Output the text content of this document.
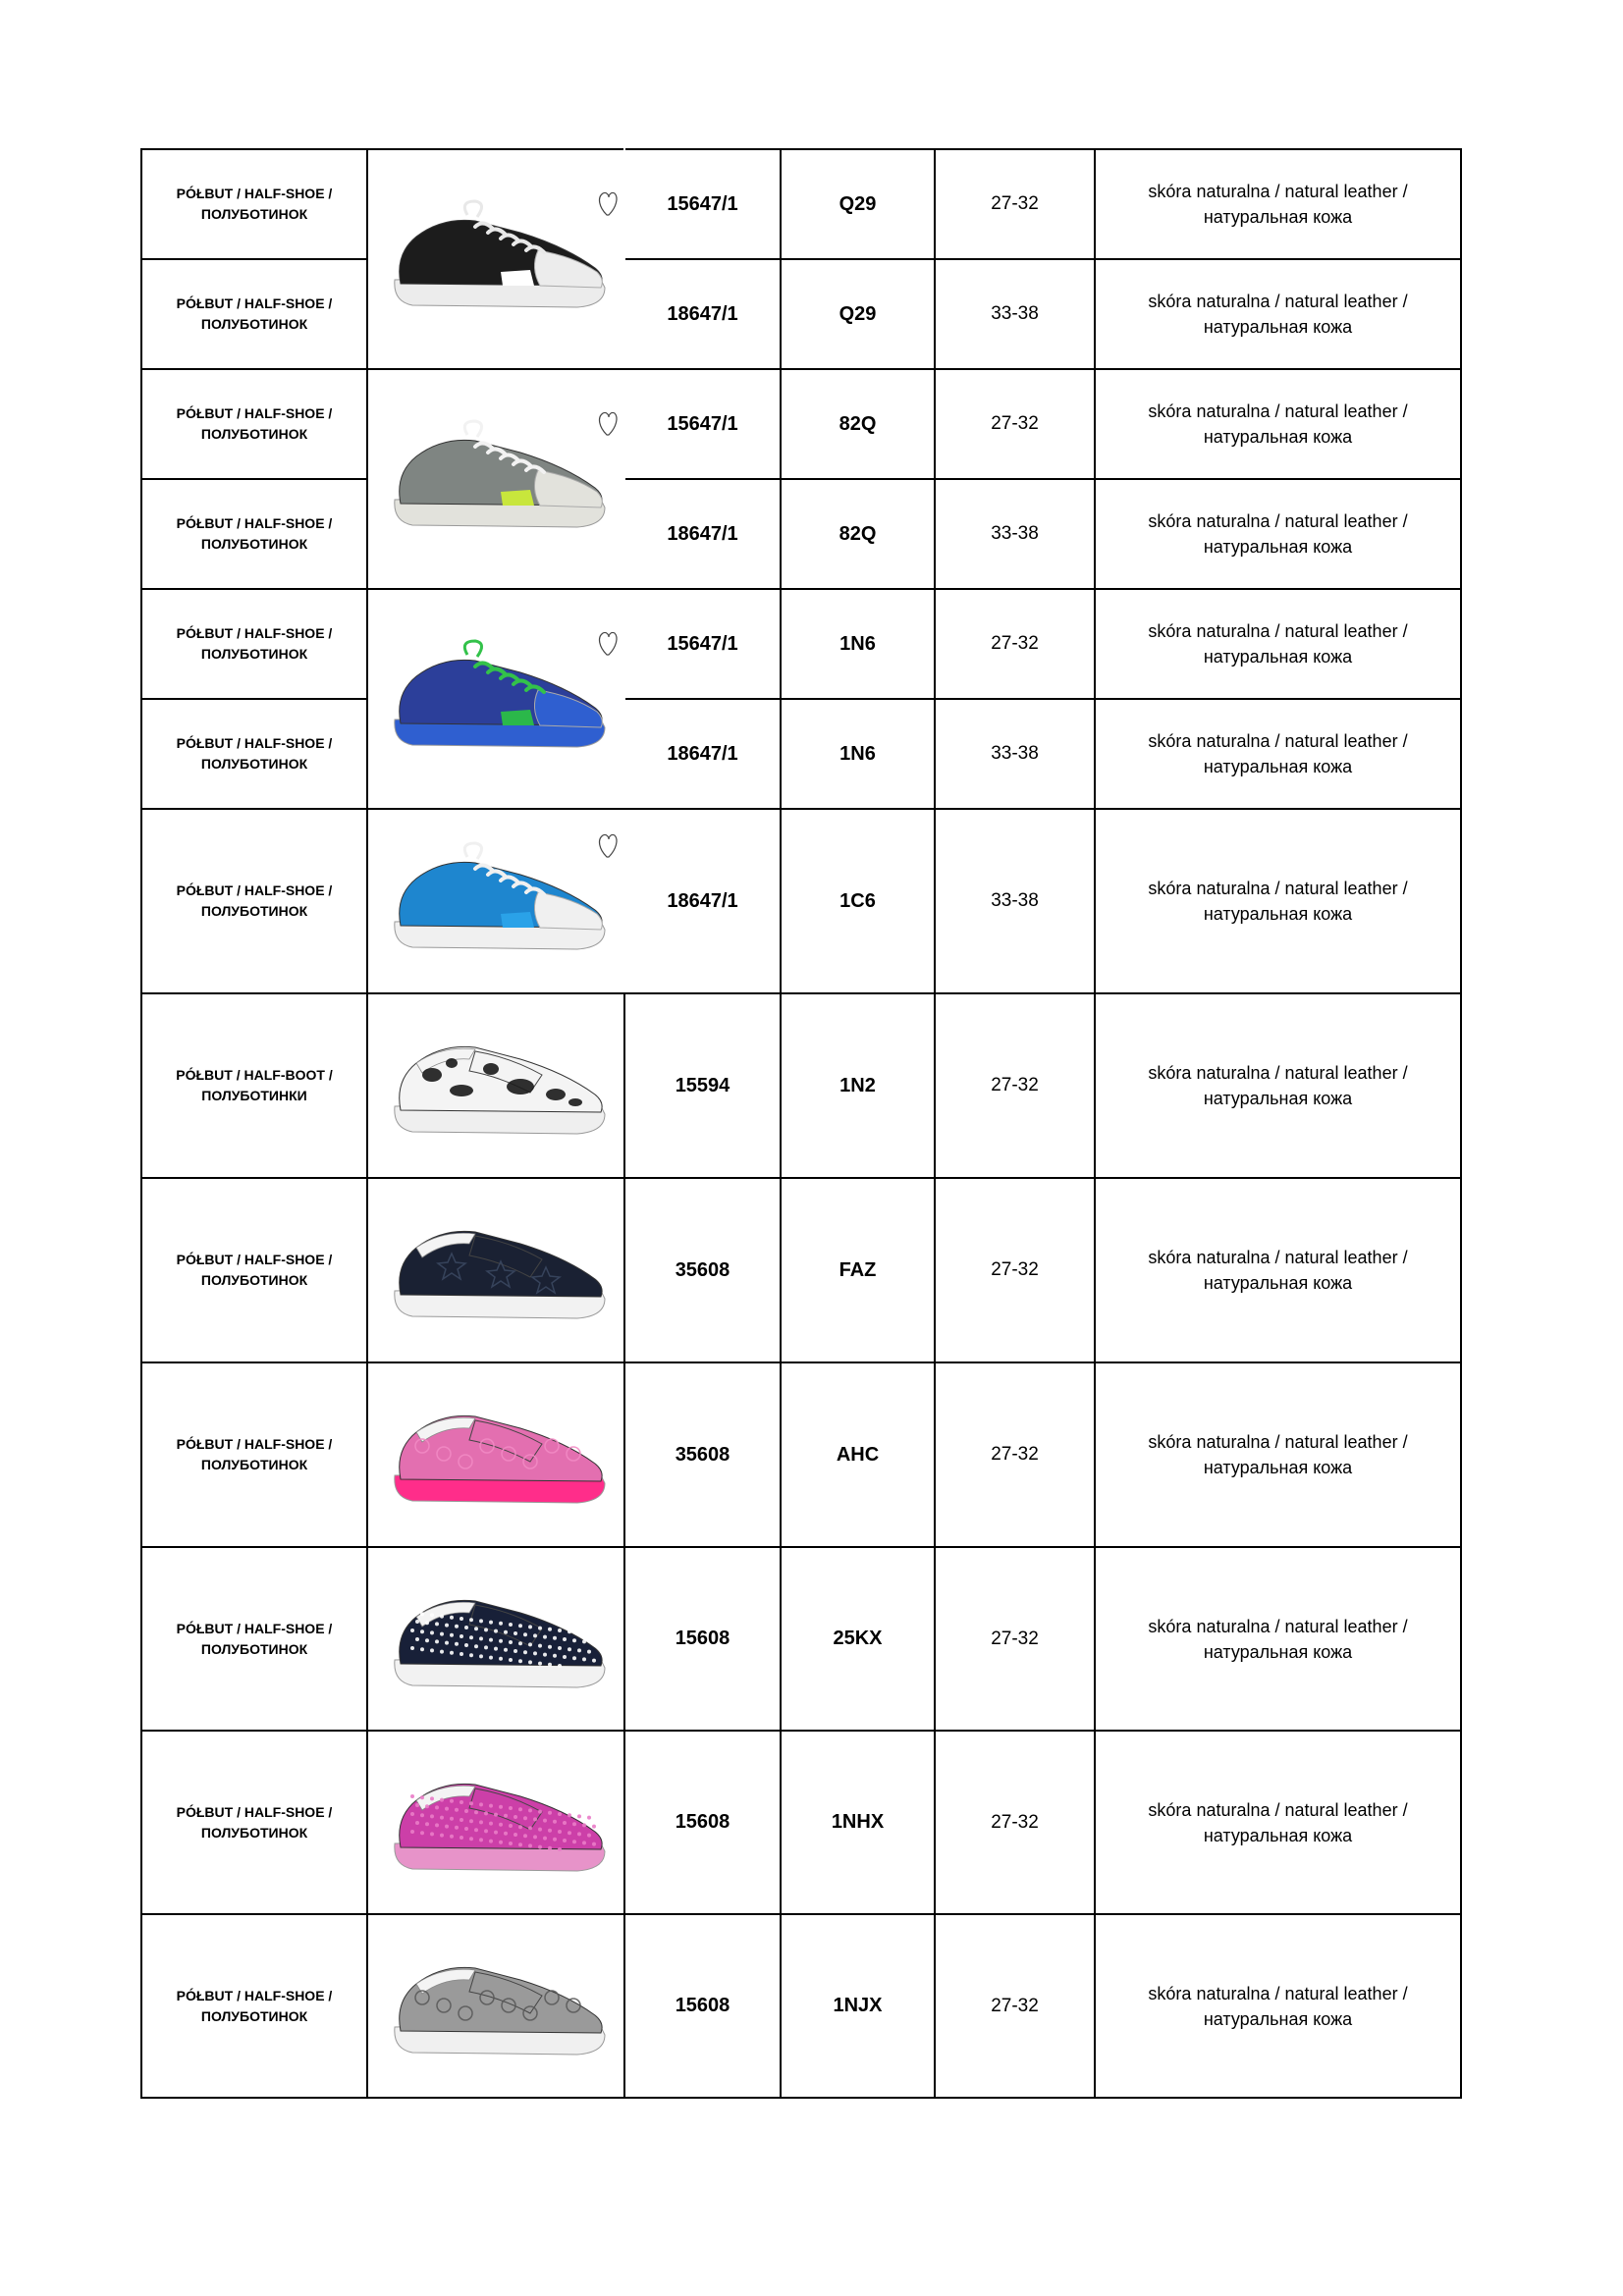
PÓŁBUT / HALF-SHOE /
ПОЛУБОТИНОК		15647/1	Q29	27-32	skóra naturalna / natural leather /
натуральная кожа
PÓŁBUT / HALF-SHOE /
ПОЛУБОТИНОК		18647/1	Q29	33-38	skóra naturalna / natural leather /
натуральная кожа
PÓŁBUT / HALF-SHOE /
ПОЛУБОТИНОК		15647/1	82Q	27-32	skóra naturalna / natural leather /
натуральная кожа
PÓŁBUT / HALF-SHOE /
ПОЛУБОТИНОК		18647/1	82Q	33-38	skóra naturalna / natural leather /
натуральная кожа
PÓŁBUT / HALF-SHOE /
ПОЛУБОТИНОК		15647/1	1N6	27-32	skóra naturalna / natural leather /
натуральная кожа
PÓŁBUT / HALF-SHOE /
ПОЛУБОТИНОК		18647/1	1N6	33-38	skóra naturalna / natural leather /
натуральная кожа
PÓŁBUT / HALF-SHOE /
ПОЛУБОТИНОК		18647/1	1C6	33-38	skóra naturalna / natural leather /
натуральная кожа
PÓŁBUT / HALF-BOOT /
ПОЛУБОТИНКИ		15594	1N2	27-32	skóra naturalna / natural leather /
натуральная кожа
PÓŁBUT / HALF-SHOE /
ПОЛУБОТИНОК		35608	FAZ	27-32	skóra naturalna / natural leather /
натуральная кожа
PÓŁBUT / HALF-SHOE /
ПОЛУБОТИНОК		35608	AHC	27-32	skóra naturalna / natural leather /
натуральная кожа
PÓŁBUT / HALF-SHOE /
ПОЛУБОТИНОК		15608	25KX	27-32	skóra naturalna / natural leather /
натуральная кожа
PÓŁBUT / HALF-SHOE /
ПОЛУБОТИНОК		15608	1NHX	27-32	skóra naturalna / natural leather /
натуральная кожа
PÓŁBUT / HALF-SHOE /
ПОЛУБОТИНОК		15608	1NJX	27-32	skóra naturalna / natural leather /
натуральная кожа
